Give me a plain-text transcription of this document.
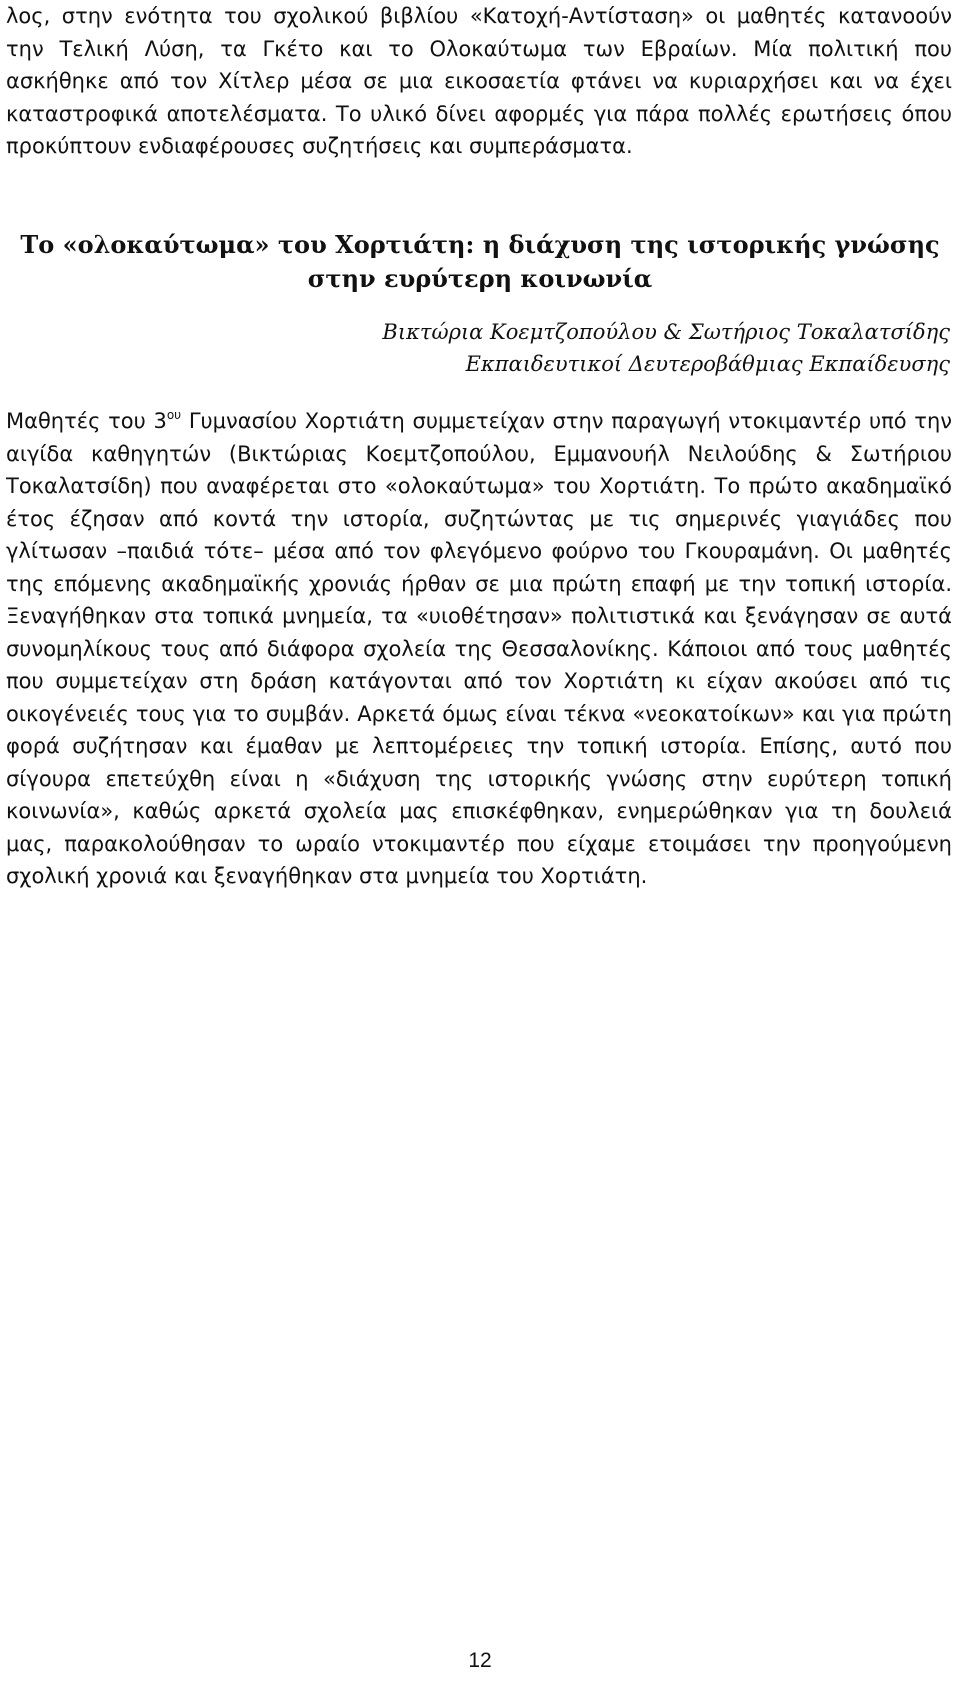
λος, στην ενότητα του σχολικού βιβλίου «Κατοχή-Αντίσταση» οι μαθητές κατανοούν την Τελική Λύση, τα Γκέτο και το Ολοκαύτωμα των Εβραίων. Μία πολιτική που ασκήθηκε από τον Χίτλερ μέσα σε μια εικοσαετία φτάνει να κυριαρχήσει και να έχει καταστροφικά αποτελέσματα. Το υλικό δίνει αφορμές για πάρα πολλές ερωτήσεις όπου προκύπτουν ενδιαφέρουσες συζητήσεις και συμπεράσματα.

Το «ολοκαύτωμα» του Χορτιάτη: η διάχυση της ιστορικής γνώσης
στην ευρύτερη κοινωνία
Βικτώρια Κοεμτζοπούλου & Σωτήριος Τοκαλατσίδης
Εκπαιδευτικοί Δευτεροβάθμιας Εκπαίδευσης

Μαθητές του $3^{o\upsilon}$ Γυμνασίου Χορτιάτη συμμετείχαν στην παραγωγή ντοκιμαντέρ υπό την αιγίδα καθηγητών (Βικτώριας Κοεμτζοπούλου, Εμμανουήλ Νειλούδης & Σωτήριου Τοκαλατσίδη) που αναφέρεται στο «ολοκαύτωμα» του Χορτιάτη. Το πρώτο ακαδημαϊκό έτος έζησαν από κοντά την ιστορία, συζητώντας με τις σημερινές γιαγιάδες που γλίτωσαν –παιδιά τότε– μέσα από τον φλεγόμενο φούρνο του Γκουραμάνη. Οι μαθητές της επόμενης ακαδημαϊκής χρονιάς ήρθαν σε μια πρώτη επαφή με την τοπική ιστορία. Ξεναγήθηκαν στα τοπικά μνημεία, τα «υιοθέτησαν» πολιτιστικά και ξενάγησαν σε αυτά συνομηλίκους τους από διάφορα σχολεία της Θεσσαλονίκης. Κάποιοι από τους μαθητές που συμμετείχαν στη δράση κατάγονται από τον Χορτιάτη κι είχαν ακούσει από τις οικογένειές τους για το συμβάν. Αρκετά όμως είναι τέκνα «νεοκατοίκων» και για πρώτη φορά συζήτησαν και έμαθαν με λεπτομέρειες την τοπική ιστορία. Επίσης, αυτό που σίγουρα επετεύχθη είναι η «διάχυση της ιστορικής γνώσης στην ευρύτερη τοπική κοινωνία», καθώς αρκετά σχολεία μας επισκέφθηκαν, ενημερώθηκαν για τη δουλειά μας, παρακολούθησαν το ωραίο ντοκιμαντέρ που είχαμε ετοιμάσει την προηγούμενη σχολική χρονιά και ξεναγήθηκαν στα μνημεία του Χορτιάτη.

12
